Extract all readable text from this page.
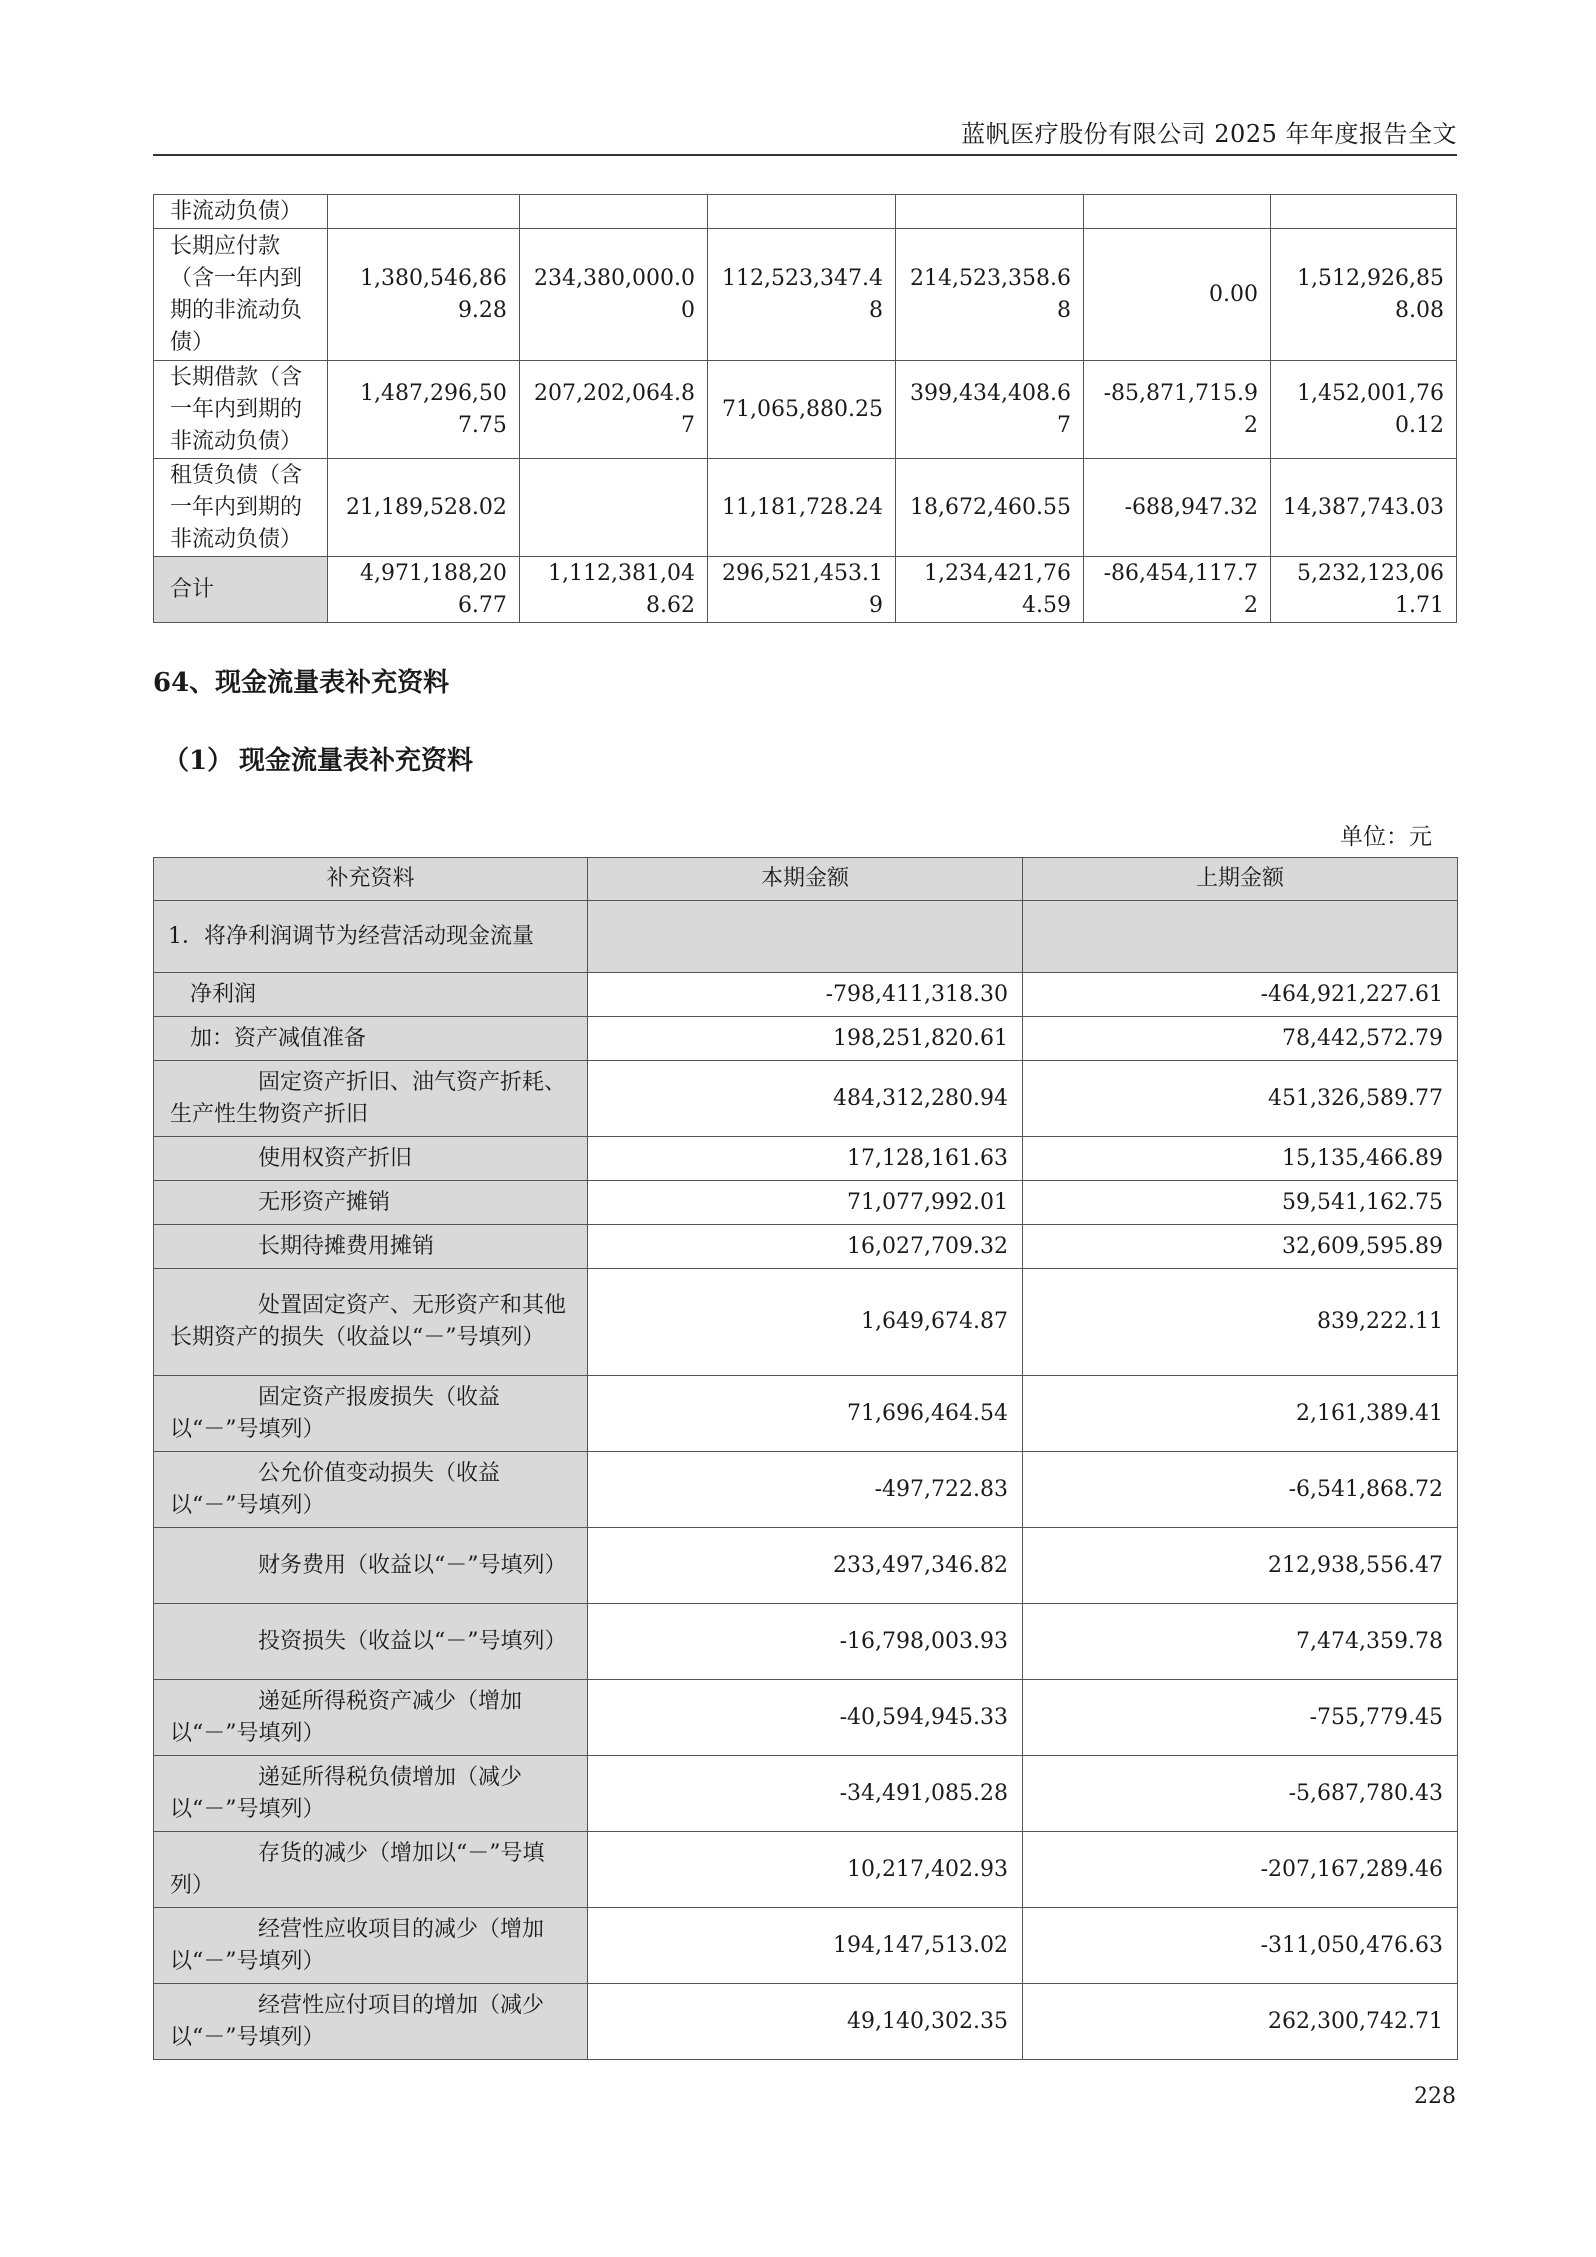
蓝帆医疗股份有限公司 2025 年年度报告全文
非流动负债）						
长期应付款（含一年内到期的非流动负债）	1,380,546,869.28	234,380,000.00	112,523,347.48	214,523,358.68	0.00	1,512,926,858.08
长期借款（含一年内到期的非流动负债）	1,487,296,507.75	207,202,064.87	71,065,880.25	399,434,408.67	-85,871,715.92	1,452,001,760.12
租赁负债（含一年内到期的非流动负债）	21,189,528.02		11,181,728.24	18,672,460.55	-688,947.32	14,387,743.03
合计	4,971,188,206.77	1,112,381,048.62	296,521,453.19	1,234,421,764.59	-86,454,117.72	5,232,123,061.71
64、现金流量表补充资料
（1） 现金流量表补充资料
单位：元
补充资料	本期金额	上期金额
1．将净利润调节为经营活动现金流量		
净利润	-798,411,318.30	-464,921,227.61
加：资产减值准备	198,251,820.61	78,442,572.79
固定资产折旧、油气资产折耗、生产性生物资产折旧	484,312,280.94	451,326,589.77
使用权资产折旧	17,128,161.63	15,135,466.89
无形资产摊销	71,077,992.01	59,541,162.75
长期待摊费用摊销	16,027,709.32	32,609,595.89
处置固定资产、无形资产和其他长期资产的损失（收益以“－”号填列）	1,649,674.87	839,222.11
固定资产报废损失（收益以“－”号填列）	71,696,464.54	2,161,389.41
公允价值变动损失（收益以“－”号填列）	-497,722.83	-6,541,868.72
财务费用（收益以“－”号填列）	233,497,346.82	212,938,556.47
投资损失（收益以“－”号填列）	-16,798,003.93	7,474,359.78
递延所得税资产减少（增加以“－”号填列）	-40,594,945.33	-755,779.45
递延所得税负债增加（减少以“－”号填列）	-34,491,085.28	-5,687,780.43
存货的减少（增加以“－”号填列）	10,217,402.93	-207,167,289.46
经营性应收项目的减少（增加以“－”号填列）	194,147,513.02	-311,050,476.63
经营性应付项目的增加（减少以“－”号填列）	49,140,302.35	262,300,742.71
228
